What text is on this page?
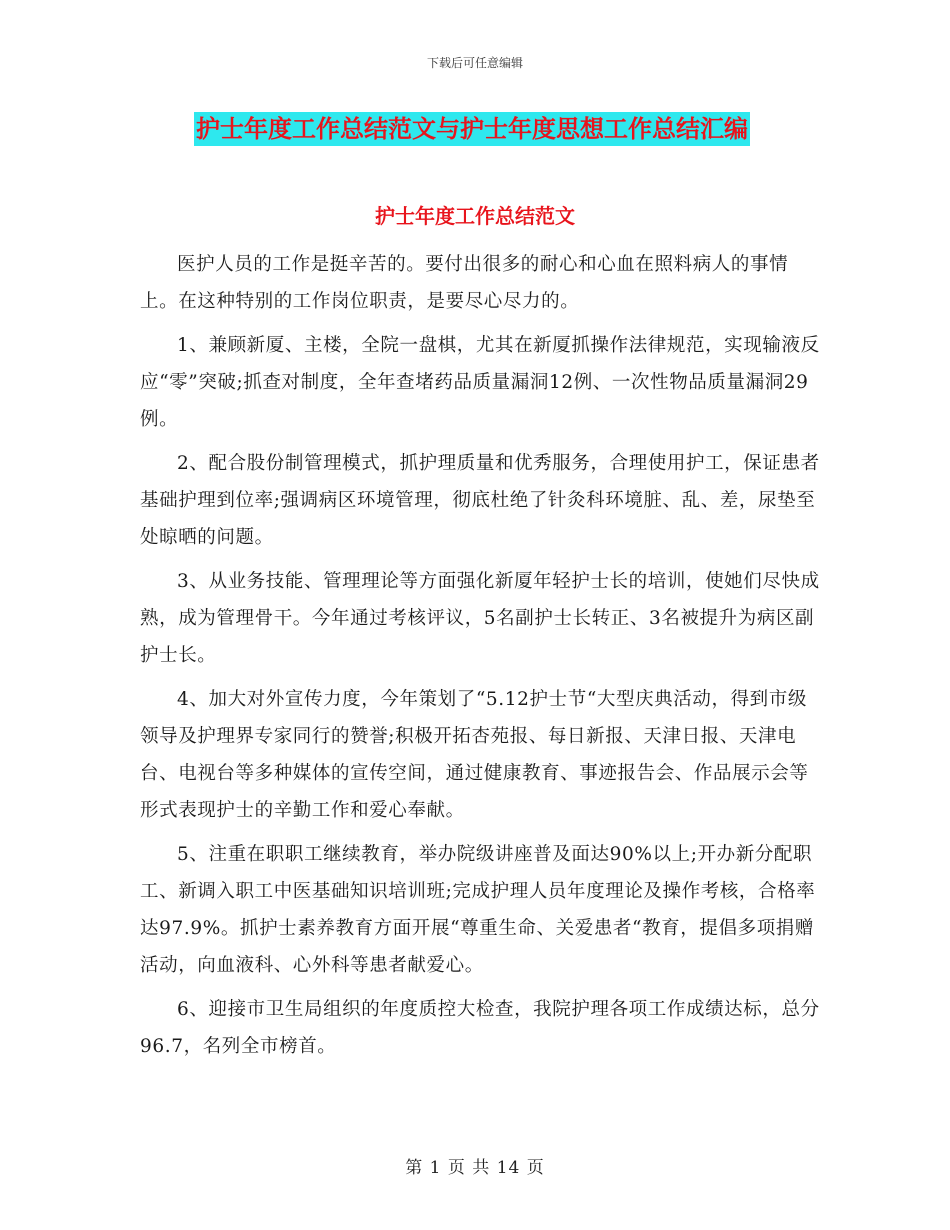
下载后可任意编辑
护士年度工作总结范文与护士年度思想工作总结汇编
护士年度工作总结范文

医护人员的工作是挺辛苦的。要付出很多的耐心和心血在照料病人的事情上。在这种特别的工作岗位职责，是要尽心尽力的。

1、兼顾新厦、主楼，全院一盘棋，尤其在新厦抓操作法律规范，实现输液反应“零”突破;抓查对制度，全年查堵药品质量漏洞12例、一次性物品质量漏洞29例。

2、配合股份制管理模式，抓护理质量和优秀服务，合理使用护工，保证患者基础护理到位率;强调病区环境管理，彻底杜绝了针灸科环境脏、乱、差，尿垫至处晾晒的问题。

3、从业务技能、管理理论等方面强化新厦年轻护士长的培训，使她们尽快成熟，成为管理骨干。今年通过考核评议，5名副护士长转正、3名被提升为病区副护士长。

4、加大对外宣传力度，今年策划了“5.12护士节“大型庆典活动，得到市级领导及护理界专家同行的赞誉;积极开拓杏苑报、每日新报、天津日报、天津电台、电视台等多种媒体的宣传空间，通过健康教育、事迹报告会、作品展示会等形式表现护士的辛勤工作和爱心奉献。

5、注重在职职工继续教育，举办院级讲座普及面达90%以上;开办新分配职工、新调入职工中医基础知识培训班;完成护理人员年度理论及操作考核，合格率达97.9%。抓护士素养教育方面开展“尊重生命、关爱患者“教育，提倡多项捐赠活动，向血液科、心外科等患者献爱心。

6、迎接市卫生局组织的年度质控大检查，我院护理各项工作成绩达标，总分96.7，名列全市榜首。

第 1 页 共 14 页
